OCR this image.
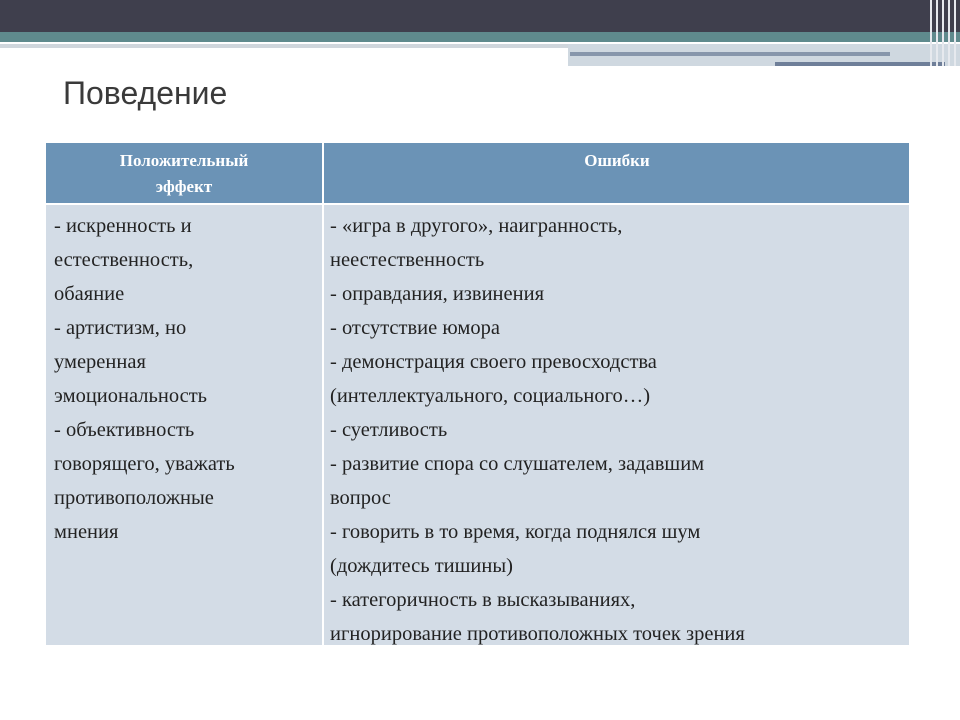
Поведение
Положительный
эффект
Ошибки
- искренность и
естественность,
обаяние
- артистизм, но
умеренная
эмоциональность
- объективность
говорящего, уважать
противоположные
мнения
- «игра в другого», наигранность,
неестественность
- оправдания, извинения
- отсутствие юмора
- демонстрация своего превосходства
(интеллектуального, социального…)
- суетливость
- развитие спора со слушателем, задавшим
вопрос
- говорить в то время, когда поднялся шум
(дождитесь тишины)
- категоричность в высказываниях,
игнорирование противоположных точек зрения
